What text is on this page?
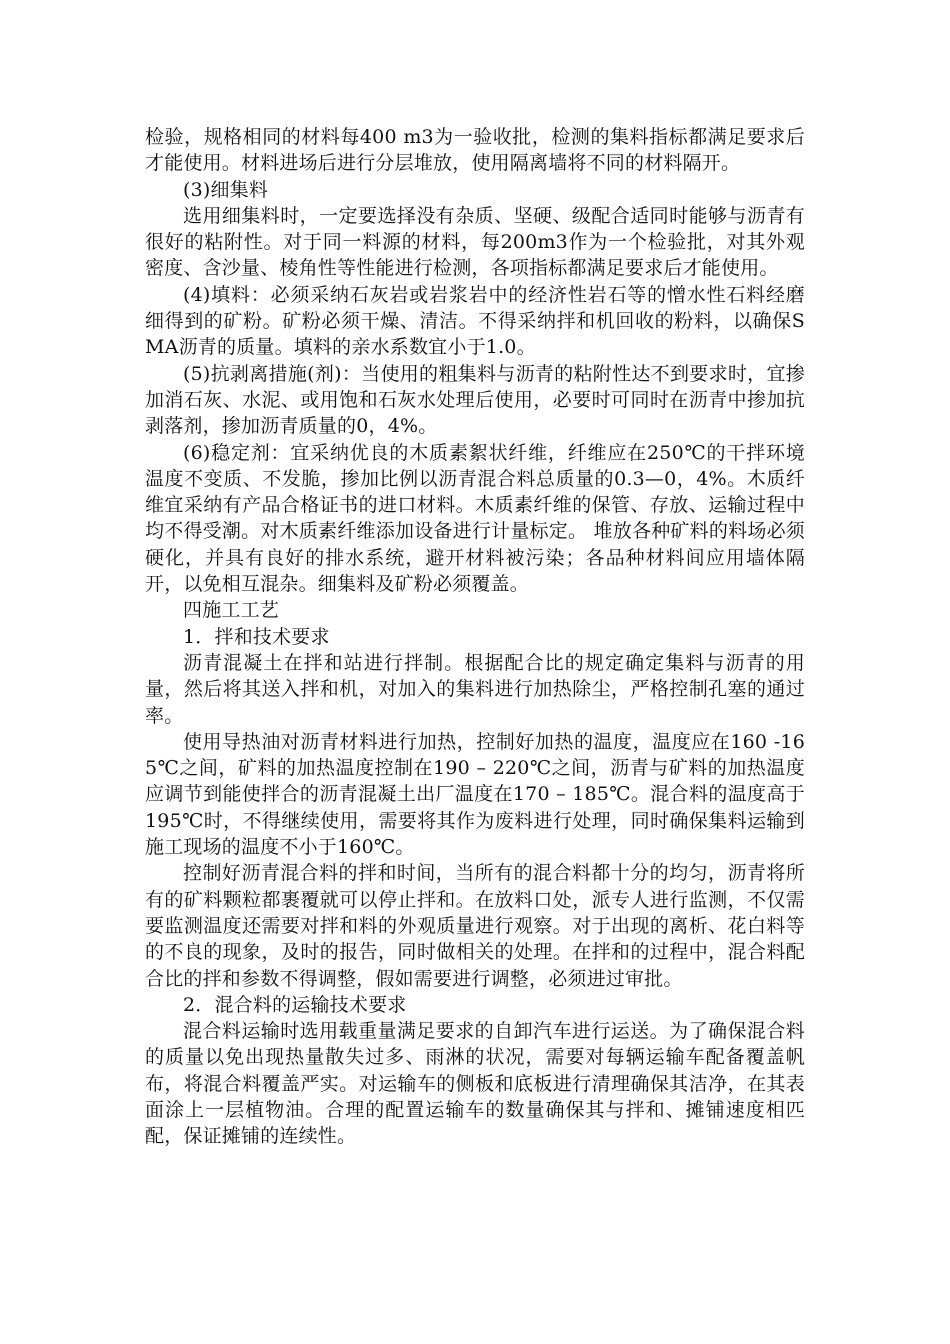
检验，规格相同的材料每400 m3为一验收批，检测的集料指标都满足要求后才能使用。材料进场后进行分层堆放，使用隔离墙将不同的材料隔开。

(3)细集料

选用细集料时，一定要选择没有杂质、坚硬、级配合适同时能够与沥青有很好的粘附性。对于同一料源的材料，每200m3作为一个检验批，对其外观密度、含沙量、棱角性等性能进行检测，各项指标都满足要求后才能使用。

(4)填料：必须采纳石灰岩或岩浆岩中的经济性岩石等的憎水性石料经磨细得到的矿粉。矿粉必须干燥、清洁。不得采纳拌和机回收的粉料，以确保SMA沥青的质量。填料的亲水系数宜小于1.0。

(5)抗剥离措施(剂)：当使用的粗集料与沥青的粘附性达不到要求时，宜掺加消石灰、水泥、或用饱和石灰水处理后使用，必要时可同时在沥青中掺加抗剥落剂，掺加沥青质量的0，4%。

(6)稳定剂：宜采纳优良的木质素絮状纤维，纤维应在250℃的干拌环境温度不变质、不发脆，掺加比例以沥青混合料总质量的0.3—0，4%。木质纤维宜采纳有产品合格证书的进口材料。木质素纤维的保管、存放、运输过程中均不得受潮。对木质素纤维添加设备进行计量标定。 堆放各种矿料的料场必须硬化，并具有良好的排水系统，避开材料被污染；各品种材料间应用墙体隔开，以免相互混杂。细集料及矿粉必须覆盖。

四施工工艺

1．拌和技术要求

沥青混凝土在拌和站进行拌制。根据配合比的规定确定集料与沥青的用量，然后将其送入拌和机，对加入的集料进行加热除尘，严格控制孔塞的通过率。

使用导热油对沥青材料进行加热，控制好加热的温度，温度应在160 -165℃之间，矿料的加热温度控制在190 – 220℃之间，沥青与矿料的加热温度应调节到能使拌合的沥青混凝土出厂温度在170 – 185℃。混合料的温度高于195℃时，不得继续使用，需要将其作为废料进行处理，同时确保集料运输到施工现场的温度不小于160℃。

控制好沥青混合料的拌和时间，当所有的混合料都十分的均匀，沥青将所有的矿料颗粒都裹覆就可以停止拌和。在放料口处，派专人进行监测，不仅需要监测温度还需要对拌和料的外观质量进行观察。对于出现的离析、花白料等的不良的现象，及时的报告，同时做相关的处理。在拌和的过程中，混合料配合比的拌和参数不得调整，假如需要进行调整，必须进过审批。

2．混合料的运输技术要求

混合料运输时选用载重量满足要求的自卸汽车进行运送。为了确保混合料的质量以免出现热量散失过多、雨淋的状况，需要对每辆运输车配备覆盖帆布，将混合料覆盖严实。对运输车的侧板和底板进行清理确保其洁净，在其表面涂上一层植物油。合理的配置运输车的数量确保其与拌和、摊铺速度相匹配，保证摊铺的连续性。
